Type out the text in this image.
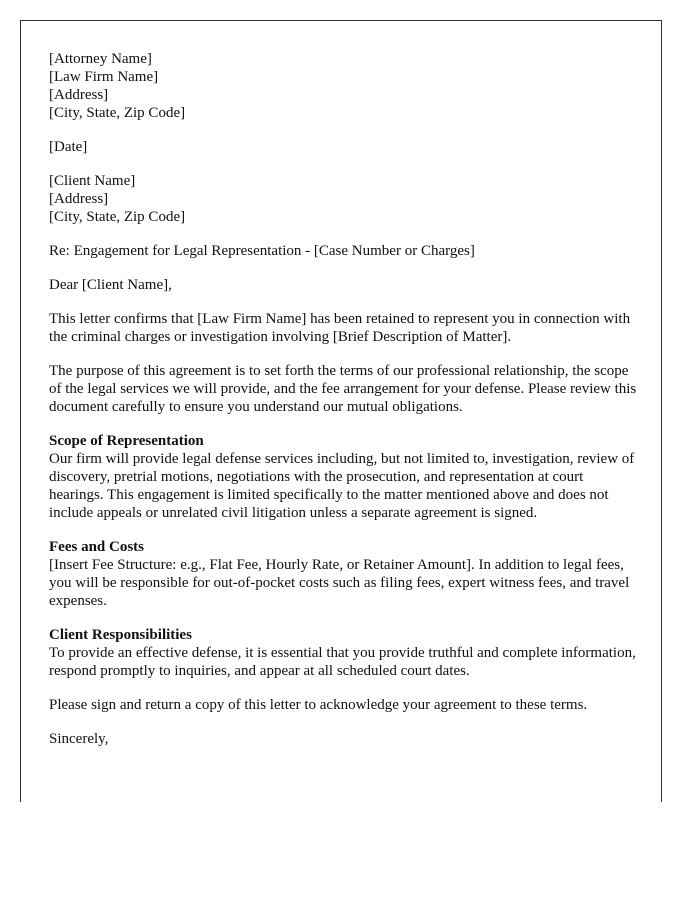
[Attorney Name]
[Law Firm Name]
[Address]
[City, State, Zip Code]

[Date]

[Client Name]
[Address]
[City, State, Zip Code]

Re: Engagement for Legal Representation - [Case Number or Charges]

Dear [Client Name],

This letter confirms that [Law Firm Name] has been retained to represent you in connection with the criminal charges or investigation involving [Brief Description of Matter].

The purpose of this agreement is to set forth the terms of our professional relationship, the scope of the legal services we will provide, and the fee arrangement for your defense. Please review this document carefully to ensure you understand our mutual obligations.

Scope of Representation
Our firm will provide legal defense services including, but not limited to, investigation, review of discovery, pretrial motions, negotiations with the prosecution, and representation at court hearings. This engagement is limited specifically to the matter mentioned above and does not include appeals or unrelated civil litigation unless a separate agreement is signed.

Fees and Costs
[Insert Fee Structure: e.g., Flat Fee, Hourly Rate, or Retainer Amount]. In addition to legal fees, you will be responsible for out-of-pocket costs such as filing fees, expert witness fees, and travel expenses.

Client Responsibilities
To provide an effective defense, it is essential that you provide truthful and complete information, respond promptly to inquiries, and appear at all scheduled court dates.

Please sign and return a copy of this letter to acknowledge your agreement to these terms.

Sincerely,
